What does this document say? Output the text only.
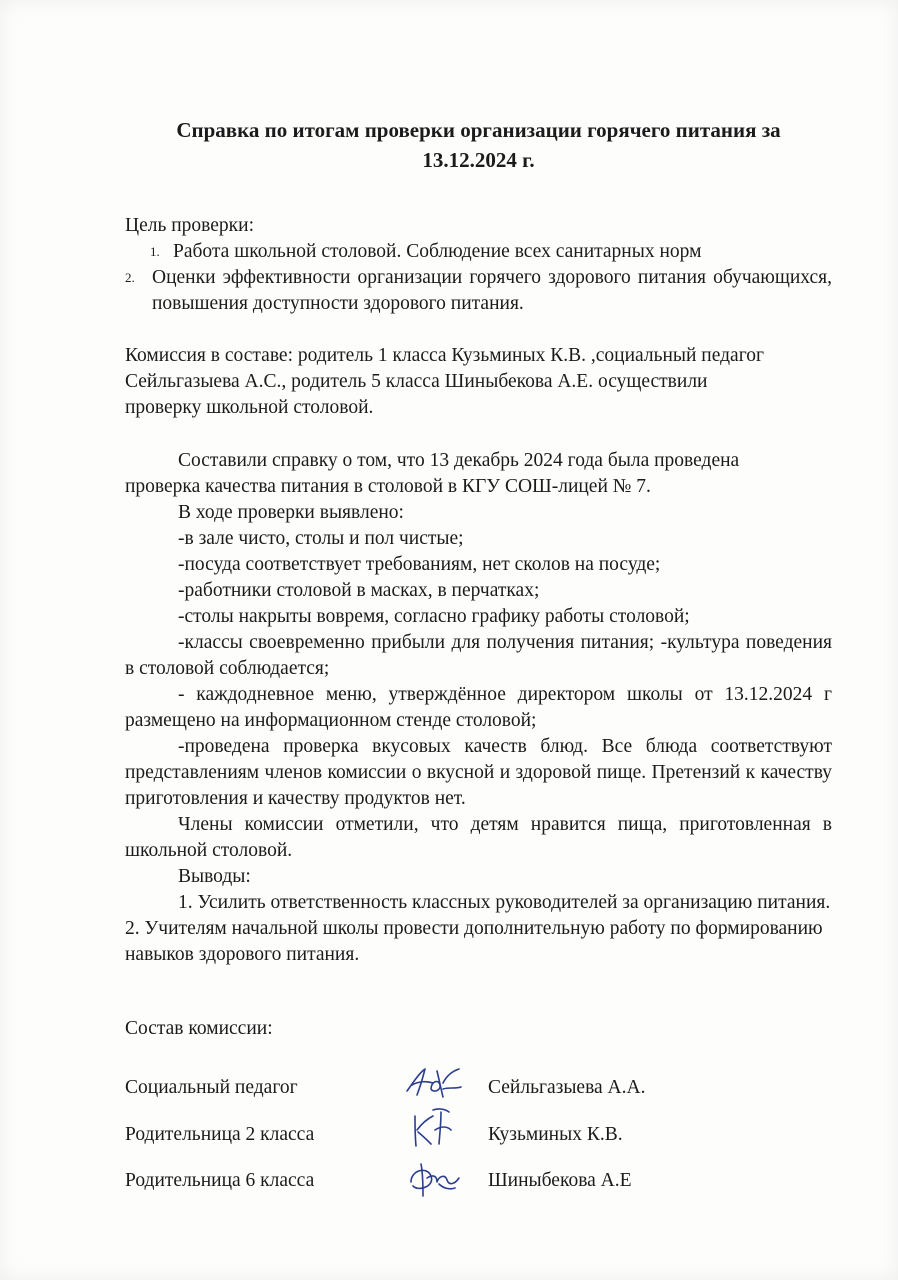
Справка по итогам проверки организации горячего питания за
13.12.2024 г.
Цель проверки:
1. Работа школьной столовой. Соблюдение всех санитарных норм
2. Оценки эффективности организации горячего здорового питания обучающихся, повышения доступности здорового питания.
Комиссия в составе: родитель 1 класса Кузьминых К.В. ,социальный педагог
Сейльгазыева А.С., родитель 5 класса Шиныбекова А.Е. осуществили
проверку школьной столовой.
Составили справку о том, что 13 декабрь 2024 года была проведена
проверка качества питания в столовой в КГУ СОШ-лицей № 7.
В ходе проверки выявлено:
-в зале чисто, столы и пол чистые;
-посуда соответствует требованиям, нет сколов на посуде;
-работники столовой в масках, в перчатках;
-столы накрыты вовремя, согласно графику работы столовой;
-классы своевременно прибыли для получения питания; -культура поведения в столовой соблюдается;
- каждодневное меню, утверждённое директором школы от 13.12.2024 г размещено на информационном стенде столовой;
-проведена проверка вкусовых качеств блюд. Все блюда соответствуют представлениям членов комиссии о вкусной и здоровой пище. Претензий к качеству приготовления и качеству продуктов нет.
Члены комиссии отметили, что детям нравится пища, приготовленная в школьной столовой.
Выводы:
1. Усилить ответственность классных руководителей за организацию питания. 2. Учителям начальной школы провести дополнительную работу по формированию навыков здорового питания.
Состав комиссии:
Социальный педагог	Сейльгазыева А.А.
Родительница 2 класса	Кузьминых К.В.
Родительница 6 класса	Шиныбекова А.Е
